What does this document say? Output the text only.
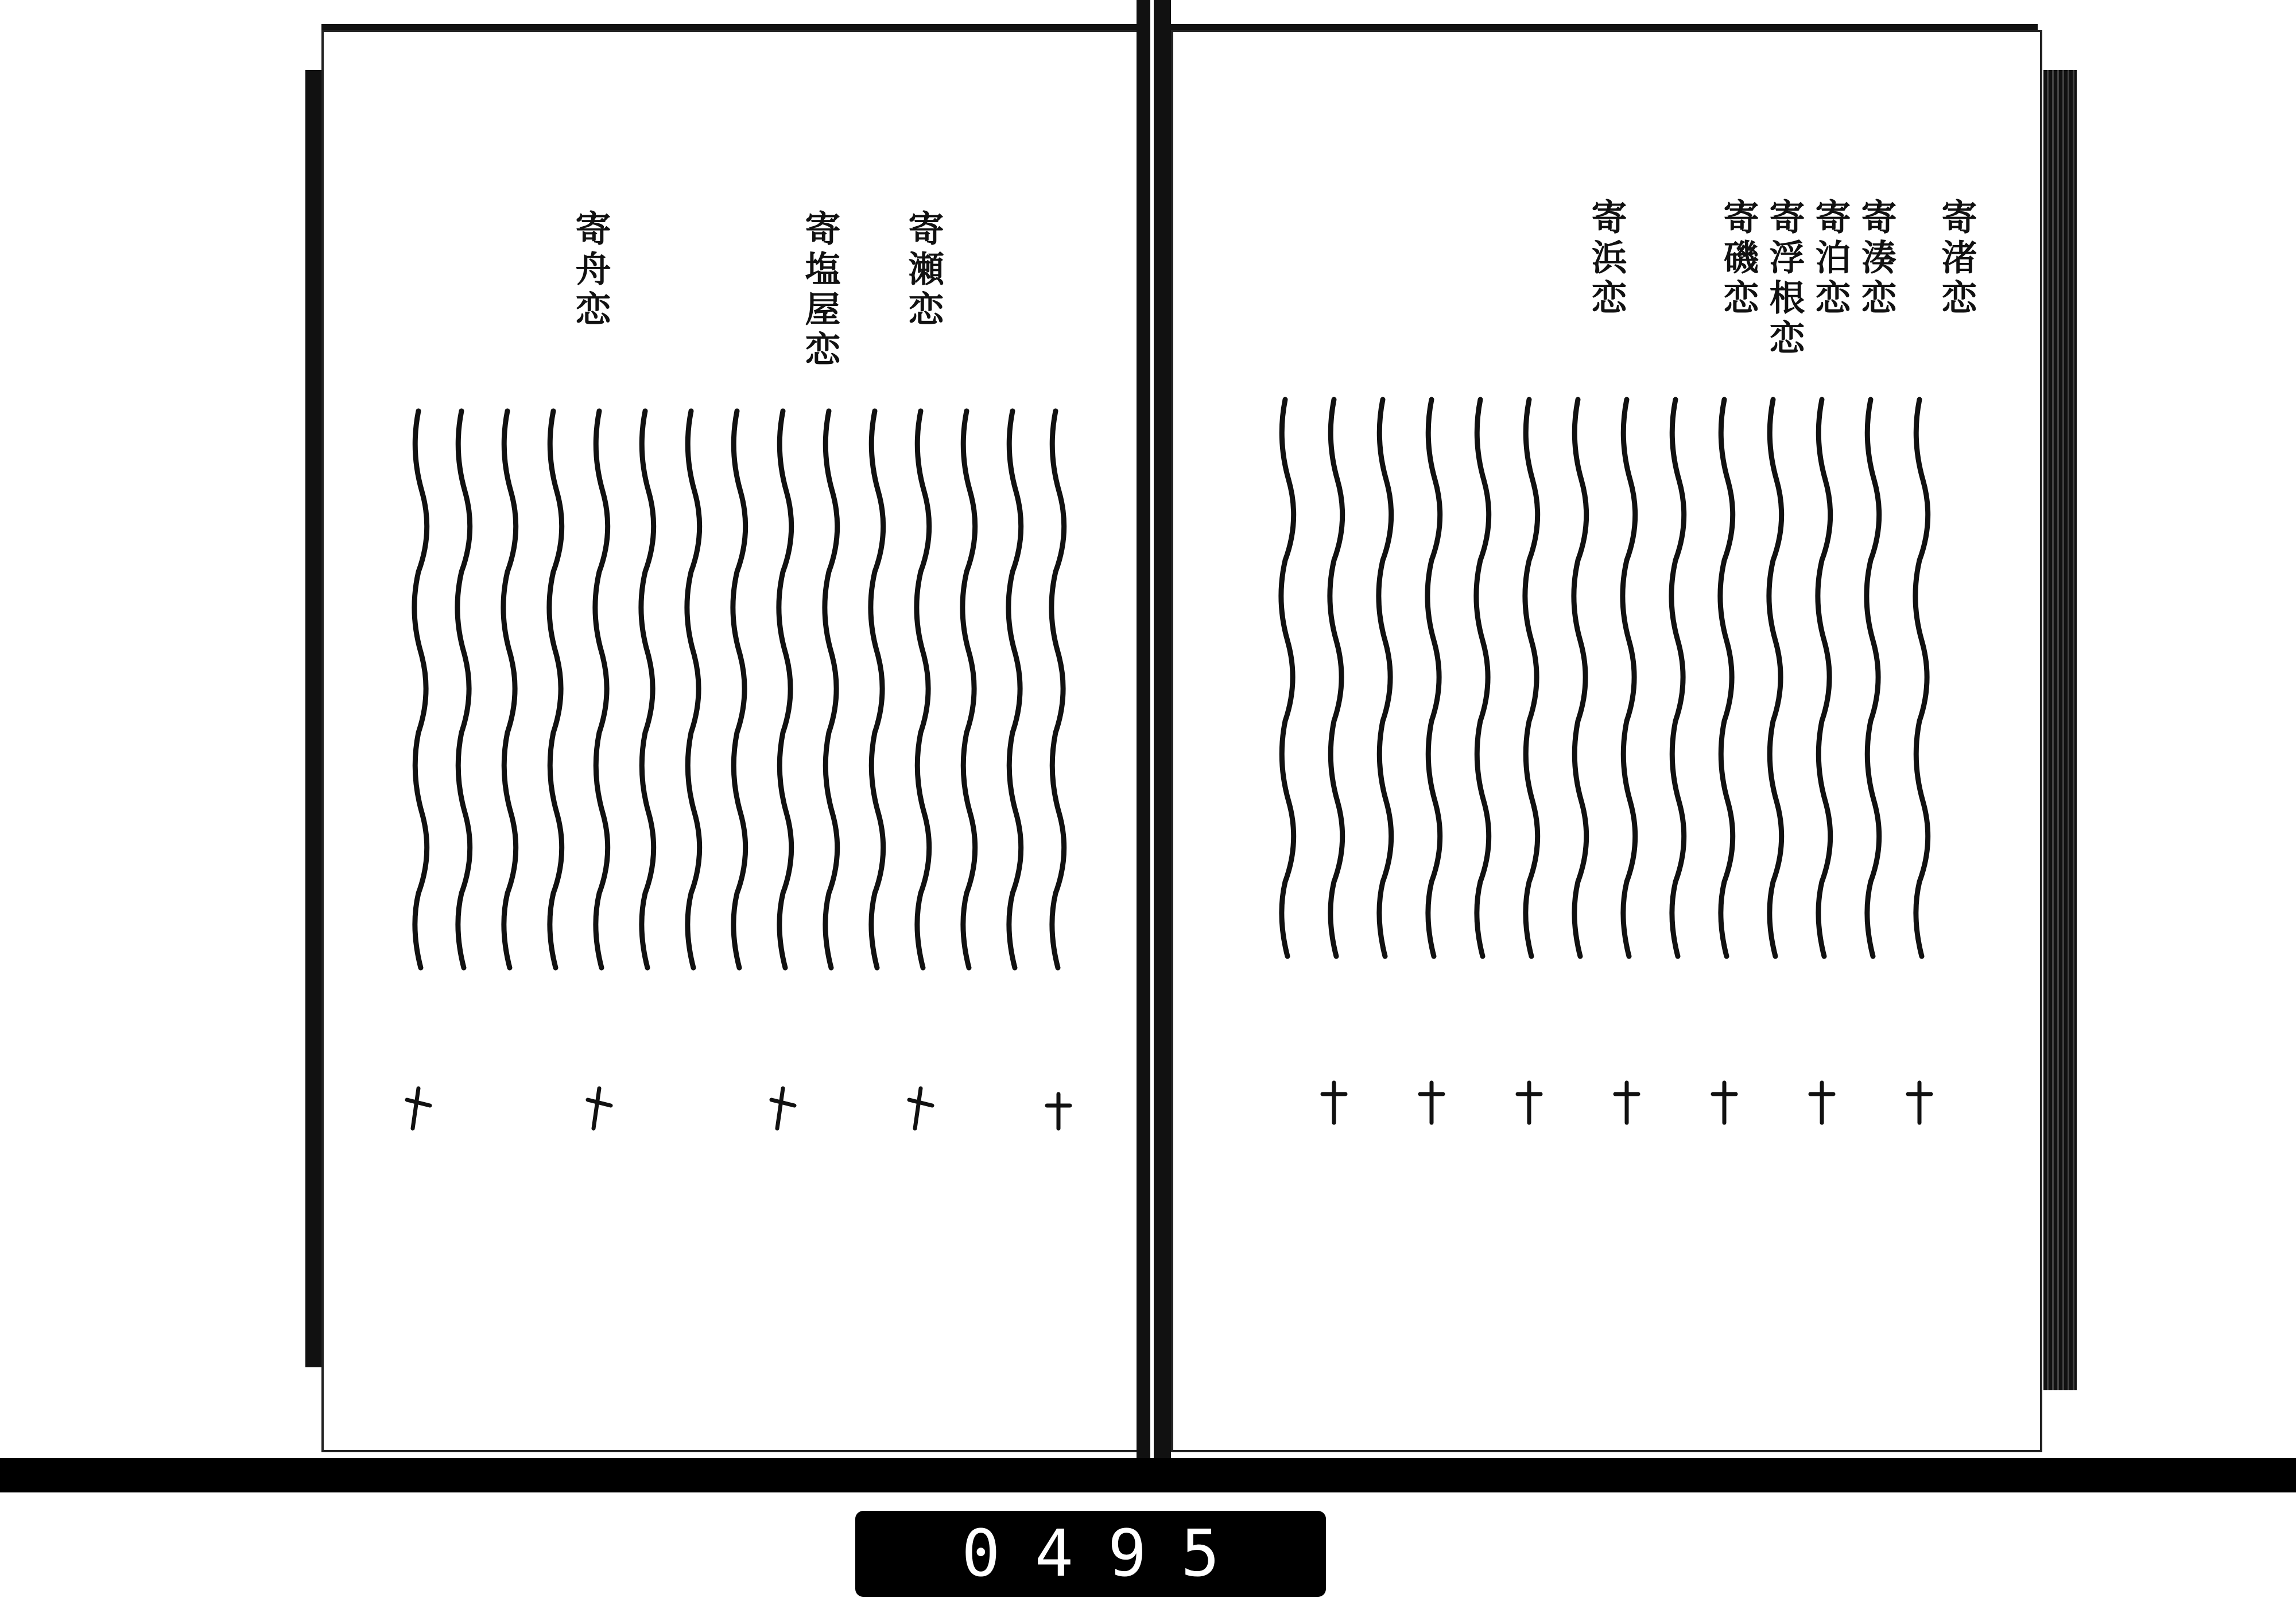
寄瀬恋
寄塩屋恋
寄舟恋	寄渚恋
寄湊恋
寄泊恋
寄浮根恋
寄磯恋
寄浜恋
0495
